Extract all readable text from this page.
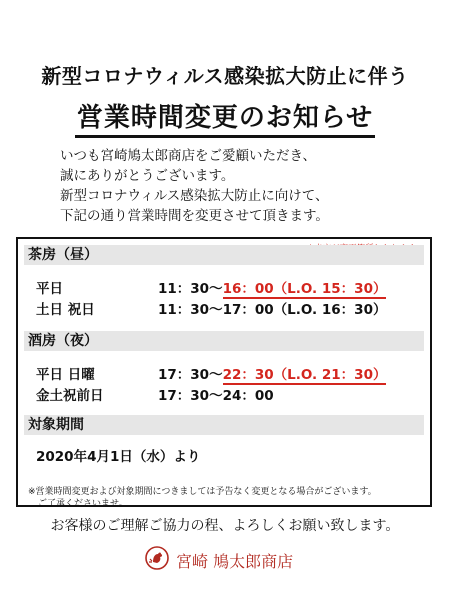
新型コロナウィルス感染拡大防止に伴う
営業時間変更のお知らせ
いつも宮崎鳩太郎商店をご愛顧いただき、
誠にありがとうございます。
新型コロナウィルス感染拡大防止に向けて、
下記の通り営業時間を変更させて頂きます。
茶房（昼）
平日	11：30〜16：00（L.O. 15：30）
土日 祝日	11：30〜17：00（L.O. 16：30）
酒房（夜）
平日 日曜	17：30〜22：30（L.O. 21：30）
金土祝前日	17：30〜24：00
対象期間
2020年4月1日（水）より
※営業時間変更および対象期間につきましては予告なく変更となる場合がございます。
ご了承くださいませ。
お客様のご理解ご協力の程、よろしくお願い致します。
宮崎 鳩太郎商店
